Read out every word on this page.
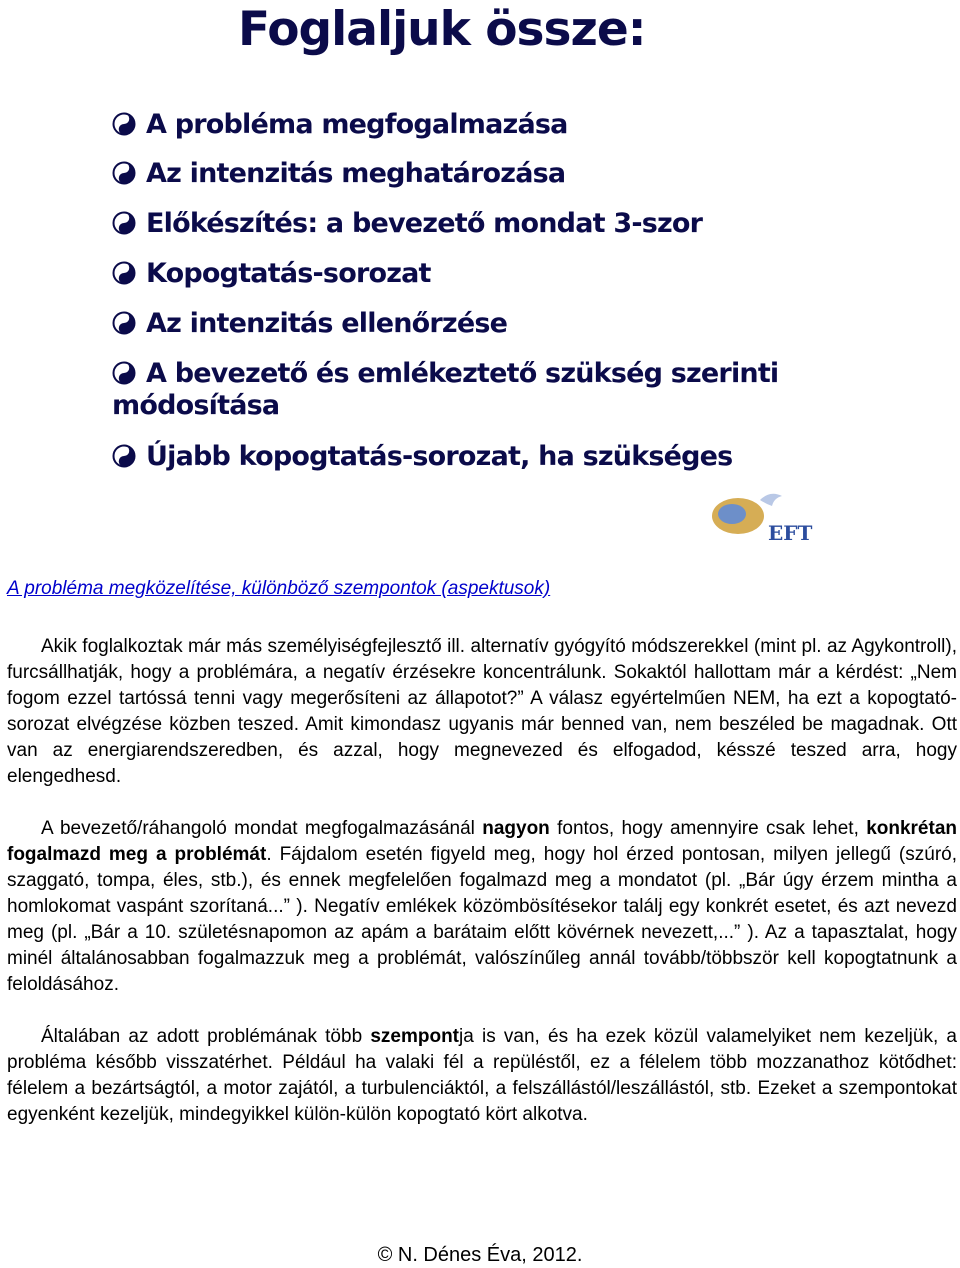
Foglaljuk össze:
A probléma megfogalmazása
Az intenzitás meghatározása
Előkészítés: a bevezető mondat 3-szor
Kopogtatás-sorozat
Az intenzitás ellenőrzése
A bevezető és emlékeztető szükség szerinti
módosítása
Újabb kopogtatás-sorozat, ha szükséges
EFT

A probléma megközelítése, különböző szempontok (aspektusok)

Akik foglalkoztak már más személyiségfejlesztő ill. alternatív gyógyító módszerekkel (mint pl. az Agykontroll), furcsállhatják, hogy a problémára, a negatív érzésekre koncentrálunk. Sokaktól hallottam már a kérdést: „Nem fogom ezzel tartóssá tenni vagy megerősíteni az állapotot?” A válasz egyértelműen NEM, ha ezt a kopogtató-sorozat elvégzése közben teszed. Amit kimondasz ugyanis már benned van, nem beszéled be magadnak. Ott van az energiarendszeredben, és azzal, hogy megnevezed és elfogadod, késszé teszed arra, hogy elengedhesd.

A bevezető/ráhangoló mondat megfogalmazásánál nagyon fontos, hogy amennyire csak lehet, konkrétan fogalmazd meg a problémát. Fájdalom esetén figyeld meg, hogy hol érzed pontosan, milyen jellegű (szúró, szaggató, tompa, éles, stb.), és ennek megfelelően fogalmazd meg a mondatot (pl. „Bár úgy érzem mintha a homlokomat vaspánt szorítaná...” ). Negatív emlékek közömbösítésekor találj egy konkrét esetet, és azt nevezd meg (pl. „Bár a 10. születésnapomon az apám a barátaim előtt kövérnek nevezett,...” ). Az a tapasztalat, hogy minél általánosabban fogalmazzuk meg a problémát, valószínűleg annál tovább/többször kell kopogtatnunk a feloldásához.

Általában az adott problémának több szempontja is van, és ha ezek közül valamelyiket nem kezeljük, a probléma később visszatérhet. Például ha valaki fél a repüléstől, ez a félelem több mozzanathoz kötődhet: félelem a bezártságtól, a motor zajától, a turbulenciáktól, a felszállástól/leszállástól, stb. Ezeket a szempontokat egyenként kezeljük, mindegyikkel külön-külön kopogtató kört alkotva.

© N. Dénes Éva, 2012.
